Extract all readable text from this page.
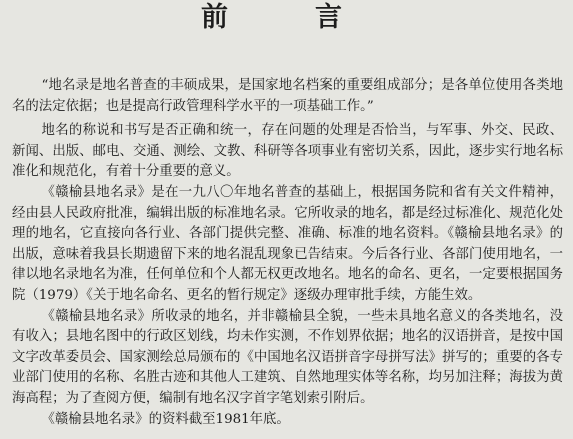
前　言

“地名录是地名普查的丰硕成果，是国家地名档案的重要组成部分；是各单位使用各类地名的法定依据；也是提高行政管理科学水平的一项基础工作。”

地名的称说和书写是否正确和统一，存在问题的处理是否恰当，与军事、外交、民政、新闻、出版、邮电、交通、测绘、文教、科研等各项事业有密切关系，因此，逐步实行地名标准化和规范化，有着十分重要的意义。

《赣榆县地名录》是在一九八〇年地名普查的基础上，根据国务院和省有关文件精神，经由县人民政府批准，编辑出版的标准地名录。它所收录的地名，都是经过标准化、规范化处理的地名，它直接向各行业、各部门提供完整、准确、标准的地名资料。《赣榆县地名录》的出版，意味着我县长期遗留下来的地名混乱现象已告结束。今后各行业、各部门使用地名，一律以地名录地名为准，任何单位和个人都无权更改地名。地名的命名、更名，一定要根据国务院（1979）《关于地名命名、更名的暂行规定》逐级办理审批手续，方能生效。

《赣榆县地名录》所收录的地名，并非赣榆县全貌，一些未具地名意义的各类地名，没有收入；县地名图中的行政区划线，均未作实测，不作划界依据；地名的汉语拼音，是按中国文字改革委员会、国家测绘总局颁布的《中国地名汉语拼音字母拼写法》拼写的；重要的各专业部门使用的名称、名胜古迹和其他人工建筑、自然地理实体等名称，均另加注释；海拔为黄海高程；为了查阅方便，编制有地名汉字首字笔划索引附后。

《赣榆县地名录》的资料截至1981年底。
